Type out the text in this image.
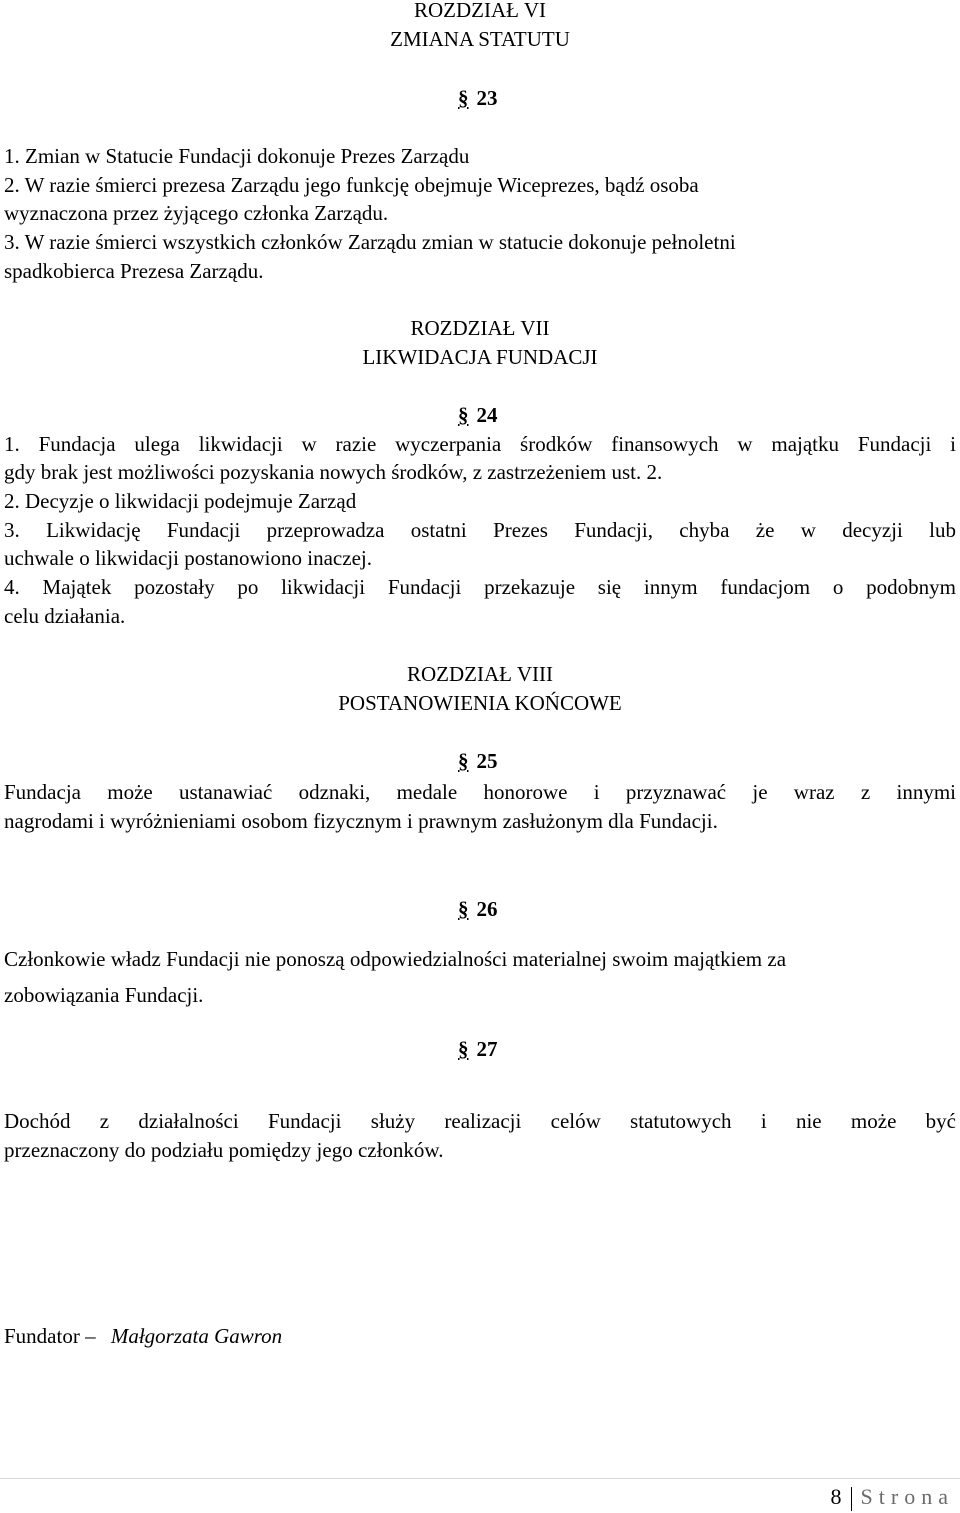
ROZDZIAŁ VI
ZMIANA STATUTU
§ 23
1. Zmian w Statucie Fundacji dokonuje Prezes Zarządu
2. W razie śmierci prezesa Zarządu jego funkcję obejmuje Wiceprezes, bądź osoba
wyznaczona przez żyjącego członka Zarządu.
3. W razie śmierci wszystkich członków Zarządu zmian w statucie dokonuje pełnoletni
spadkobierca Prezesa Zarządu.
ROZDZIAŁ VII
LIKWIDACJA FUNDACJI
§ 24
1. Fundacja ulega likwidacji w razie wyczerpania środków finansowych w majątku Fundacji i
gdy brak jest możliwości pozyskania nowych środków, z zastrzeżeniem ust. 2.
2. Decyzje o likwidacji podejmuje Zarząd
3. Likwidację Fundacji przeprowadza ostatni Prezes Fundacji, chyba że w decyzji lub
uchwale o likwidacji postanowiono inaczej.
4. Majątek pozostały po likwidacji Fundacji przekazuje się innym fundacjom o podobnym
celu działania.
ROZDZIAŁ VIII
POSTANOWIENIA KOŃCOWE
§ 25
Fundacja może ustanawiać odznaki, medale honorowe i przyznawać je wraz z innymi
nagrodami i wyróżnieniami osobom fizycznym i prawnym zasłużonym dla Fundacji.
§ 26
Członkowie władz Fundacji nie ponoszą odpowiedzialności materialnej swoim majątkiem za
zobowiązania Fundacji.
§ 27
Dochód z działalności Fundacji służy realizacji celów statutowych i nie może być
przeznaczony do podziału pomiędzy jego członków.
Fundator – Małgorzata Gawron
8 Strona
